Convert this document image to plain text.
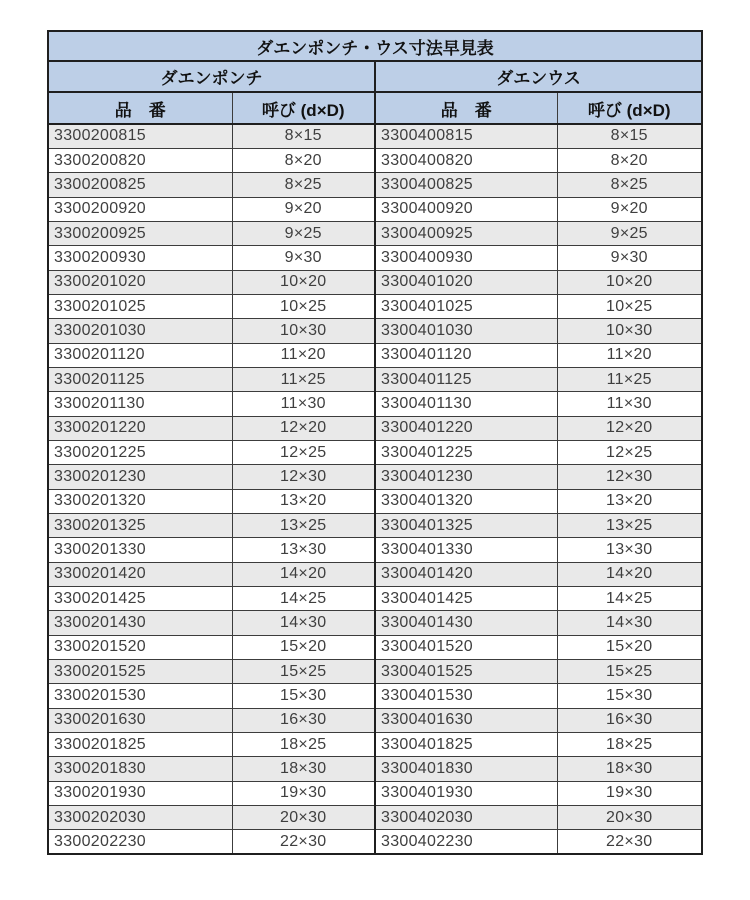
ダエンポンチ・ウス寸法早見表			
ダエンポンチ		ダエンウス	
品　番	呼び (d×D)	品　番	呼び (d×D)
3300200815	8×15	3300400815	8×15
3300200820	8×20	3300400820	8×20
3300200825	8×25	3300400825	8×25
3300200920	9×20	3300400920	9×20
3300200925	9×25	3300400925	9×25
3300200930	9×30	3300400930	9×30
3300201020	10×20	3300401020	10×20
3300201025	10×25	3300401025	10×25
3300201030	10×30	3300401030	10×30
3300201120	11×20	3300401120	11×20
3300201125	11×25	3300401125	11×25
3300201130	11×30	3300401130	11×30
3300201220	12×20	3300401220	12×20
3300201225	12×25	3300401225	12×25
3300201230	12×30	3300401230	12×30
3300201320	13×20	3300401320	13×20
3300201325	13×25	3300401325	13×25
3300201330	13×30	3300401330	13×30
3300201420	14×20	3300401420	14×20
3300201425	14×25	3300401425	14×25
3300201430	14×30	3300401430	14×30
3300201520	15×20	3300401520	15×20
3300201525	15×25	3300401525	15×25
3300201530	15×30	3300401530	15×30
3300201630	16×30	3300401630	16×30
3300201825	18×25	3300401825	18×25
3300201830	18×30	3300401830	18×30
3300201930	19×30	3300401930	19×30
3300202030	20×30	3300402030	20×30
3300202230	22×30	3300402230	22×30
